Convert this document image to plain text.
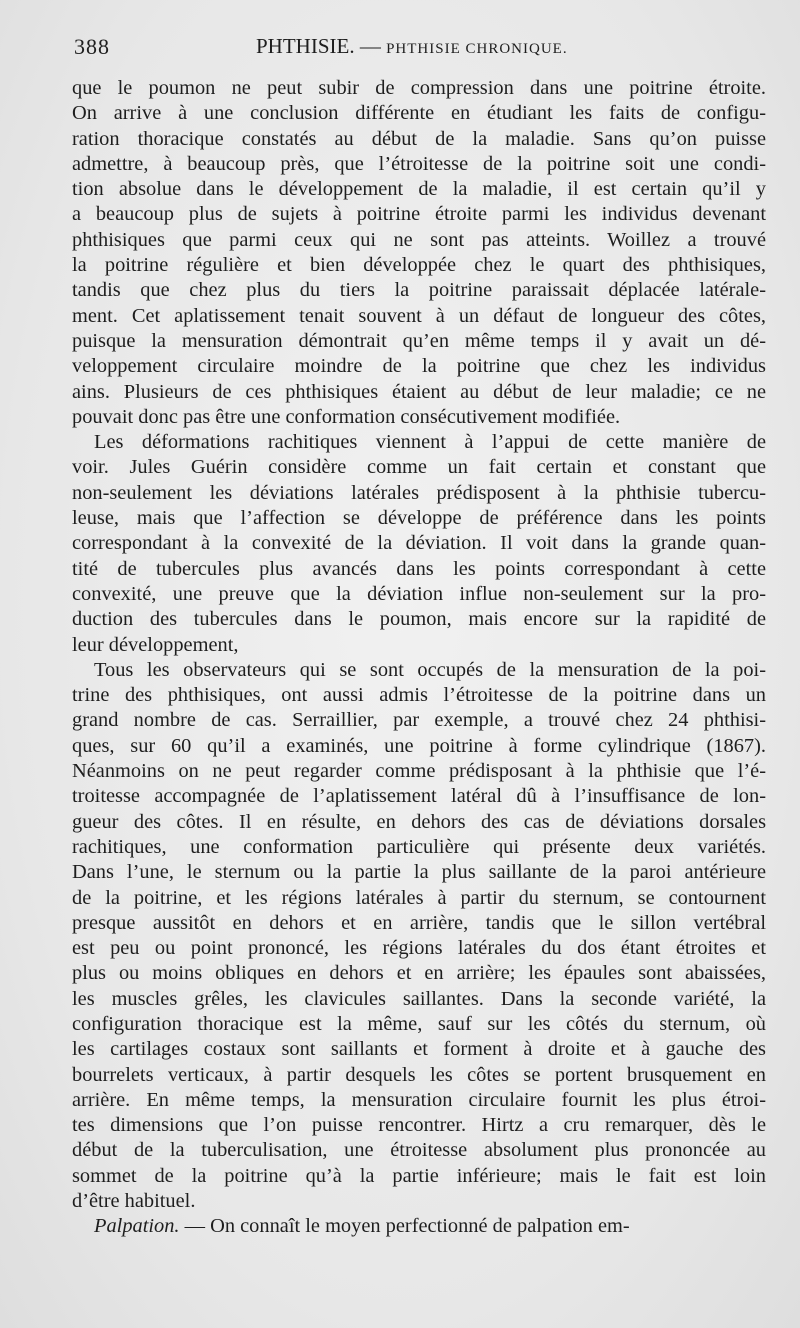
388	PHTHISIE. — PHTHISIE CHRONIQUE.
que le poumon ne peut subir de compression dans une poitrine étroite.
On arrive à une conclusion différente en étudiant les faits de configu-
ration thoracique constatés au début de la maladie. Sans qu’on puisse
admettre, à beaucoup près, que l’étroitesse de la poitrine soit une condi-
tion absolue dans le développement de la maladie, il est certain qu’il y
a beaucoup plus de sujets à poitrine étroite parmi les individus devenant
phthisiques que parmi ceux qui ne sont pas atteints. Woillez a trouvé
la poitrine régulière et bien développée chez le quart des phthisiques,
tandis que chez plus du tiers la poitrine paraissait déplacée latérale-
ment. Cet aplatissement tenait souvent à un défaut de longueur des côtes,
puisque la mensuration démontrait qu’en même temps il y avait un dé-
veloppement circulaire moindre de la poitrine que chez les individus
ains. Plusieurs de ces phthisiques étaient au début de leur maladie; ce ne
pouvait donc pas être une conformation consécutivement modifiée.
Les déformations rachitiques viennent à l’appui de cette manière de
voir. Jules Guérin considère comme un fait certain et constant que
non-seulement les déviations latérales prédisposent à la phthisie tubercu-
leuse, mais que l’affection se développe de préférence dans les points
correspondant à la convexité de la déviation. Il voit dans la grande quan-
tité de tubercules plus avancés dans les points correspondant à cette
convexité, une preuve que la déviation influe non-seulement sur la pro-
duction des tubercules dans le poumon, mais encore sur la rapidité de
leur développement,
Tous les observateurs qui se sont occupés de la mensuration de la poi-
trine des phthisiques, ont aussi admis l’étroitesse de la poitrine dans un
grand nombre de cas. Serraillier, par exemple, a trouvé chez 24 phthisi-
ques, sur 60 qu’il a examinés, une poitrine à forme cylindrique (1867).
Néanmoins on ne peut regarder comme prédisposant à la phthisie que l’é-
troitesse accompagnée de l’aplatissement latéral dû à l’insuffisance de lon-
gueur des côtes. Il en résulte, en dehors des cas de déviations dorsales
rachitiques, une conformation particulière qui présente deux variétés.
Dans l’une, le sternum ou la partie la plus saillante de la paroi antérieure
de la poitrine, et les régions latérales à partir du sternum, se contournent
presque aussitôt en dehors et en arrière, tandis que le sillon vertébral
est peu ou point prononcé, les régions latérales du dos étant étroites et
plus ou moins obliques en dehors et en arrière; les épaules sont abaissées,
les muscles grêles, les clavicules saillantes. Dans la seconde variété, la
configuration thoracique est la même, sauf sur les côtés du sternum, où
les cartilages costaux sont saillants et forment à droite et à gauche des
bourrelets verticaux, à partir desquels les côtes se portent brusquement en
arrière. En même temps, la mensuration circulaire fournit les plus étroi-
tes dimensions que l’on puisse rencontrer. Hirtz a cru remarquer, dès le
début de la tuberculisation, une étroitesse absolument plus prononcée au
sommet de la poitrine qu’à la partie inférieure; mais le fait est loin
d’être habituel.
Palpation. — On connaît le moyen perfectionné de palpation em-
